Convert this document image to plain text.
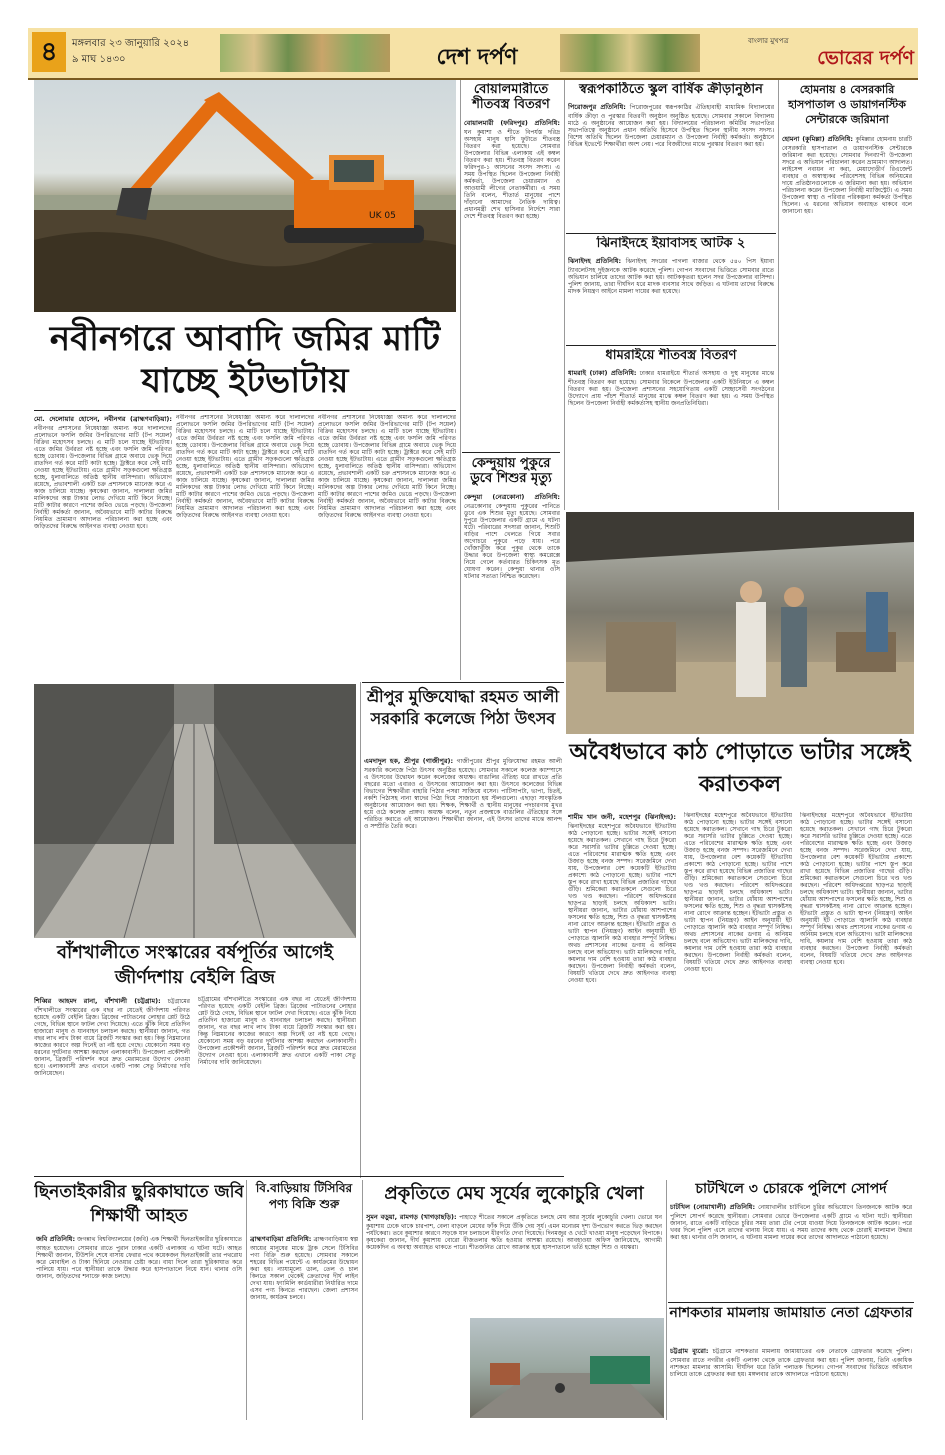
৪	মঙ্গলবার ২৩ জানুয়ারি ২০২৪
৯ মাঘ ১৪৩০	দেশ দর্পণ
বাংলার মুখপত্র
ভোরের দর্পণ
UK 05
নবীনগরে আবাদি জমির মাটি যাচ্ছে ইটভাটায়
মো. দেলোয়ার হোসেন, নবীনগর (ব্রাহ্মণবাড়িয়া): নবীনগর প্রশাসনের নিষেধাজ্ঞা অমান্য করে দালালদের প্রলোভনে ফসলি জমির উপরিভাগের মাটি (টপ সয়েল) বিক্রির মহোৎসব চলছে। এ মাটি চলে যাচ্ছে ইটভাটায়। এতে জমির উর্বরতা নষ্ট হচ্ছে এবং ফসলি জমি পরিণত হচ্ছে ডোবায়। উপজেলার বিভিন্ন গ্রামে অবাধে ভেকু দিয়ে রাতদিন গর্ত করে মাটি কাটা হচ্ছে। ট্রাক্টরে করে সেই মাটি নেওয়া হচ্ছে ইটভাটায়। এতে গ্রামীণ সড়কগুলো ক্ষতিগ্রস্ত হচ্ছে, ধুলাবালিতে অতিষ্ঠ স্থানীয় বাসিন্দারা। অভিযোগ রয়েছে, প্রভাবশালী একটি চক্র প্রশাসনকে ম্যানেজ করে এ কাজ চালিয়ে যাচ্ছে। কৃষকেরা জানান, দালালরা জমির মালিকদের অল্প টাকার লোভ দেখিয়ে মাটি কিনে নিচ্ছে। মাটি কাটার কারণে পাশের জমিও ভেঙে পড়ছে। উপজেলা নির্বাহী কর্মকর্তা জানান, অবৈধভাবে মাটি কাটার বিরুদ্ধে নিয়মিত ভ্রাম্যমাণ আদালত পরিচালনা করা হচ্ছে এবং জড়িতদের বিরুদ্ধে আইনগত ব্যবস্থা নেওয়া হবে।
নবীনগর প্রশাসনের নিষেধাজ্ঞা অমান্য করে দালালদের প্রলোভনে ফসলি জমির উপরিভাগের মাটি (টপ সয়েল) বিক্রির মহোৎসব চলছে। এ মাটি চলে যাচ্ছে ইটভাটায়। এতে জমির উর্বরতা নষ্ট হচ্ছে এবং ফসলি জমি পরিণত হচ্ছে ডোবায়। উপজেলার বিভিন্ন গ্রামে অবাধে ভেকু দিয়ে রাতদিন গর্ত করে মাটি কাটা হচ্ছে। ট্রাক্টরে করে সেই মাটি নেওয়া হচ্ছে ইটভাটায়। এতে গ্রামীণ সড়কগুলো ক্ষতিগ্রস্ত হচ্ছে, ধুলাবালিতে অতিষ্ঠ স্থানীয় বাসিন্দারা। অভিযোগ রয়েছে, প্রভাবশালী একটি চক্র প্রশাসনকে ম্যানেজ করে এ কাজ চালিয়ে যাচ্ছে। কৃষকেরা জানান, দালালরা জমির মালিকদের অল্প টাকার লোভ দেখিয়ে মাটি কিনে নিচ্ছে। মাটি কাটার কারণে পাশের জমিও ভেঙে পড়ছে। উপজেলা নির্বাহী কর্মকর্তা জানান, অবৈধভাবে মাটি কাটার বিরুদ্ধে নিয়মিত ভ্রাম্যমাণ আদালত পরিচালনা করা হচ্ছে এবং জড়িতদের বিরুদ্ধে আইনগত ব্যবস্থা নেওয়া হবে।
নবীনগর প্রশাসনের নিষেধাজ্ঞা অমান্য করে দালালদের প্রলোভনে ফসলি জমির উপরিভাগের মাটি (টপ সয়েল) বিক্রির মহোৎসব চলছে। এ মাটি চলে যাচ্ছে ইটভাটায়। এতে জমির উর্বরতা নষ্ট হচ্ছে এবং ফসলি জমি পরিণত হচ্ছে ডোবায়। উপজেলার বিভিন্ন গ্রামে অবাধে ভেকু দিয়ে রাতদিন গর্ত করে মাটি কাটা হচ্ছে। ট্রাক্টরে করে সেই মাটি নেওয়া হচ্ছে ইটভাটায়। এতে গ্রামীণ সড়কগুলো ক্ষতিগ্রস্ত হচ্ছে, ধুলাবালিতে অতিষ্ঠ স্থানীয় বাসিন্দারা। অভিযোগ রয়েছে, প্রভাবশালী একটি চক্র প্রশাসনকে ম্যানেজ করে এ কাজ চালিয়ে যাচ্ছে। কৃষকেরা জানান, দালালরা জমির মালিকদের অল্প টাকার লোভ দেখিয়ে মাটি কিনে নিচ্ছে। মাটি কাটার কারণে পাশের জমিও ভেঙে পড়ছে। উপজেলা নির্বাহী কর্মকর্তা জানান, অবৈধভাবে মাটি কাটার বিরুদ্ধে নিয়মিত ভ্রাম্যমাণ আদালত পরিচালনা করা হচ্ছে এবং জড়িতদের বিরুদ্ধে আইনগত ব্যবস্থা নেওয়া হবে।
বোয়ালমারীতে শীতবস্ত্র বিতরণ
বোয়ালমারী (ফরিদপুর) প্রতিনিধি: ঘন কুয়াশা ও শীতে বিপর্যস্ত দরিদ্র অসহায় মানুষ হাসি ফুটাতে শীতবস্ত্র বিতরণ করা হয়েছে। সোমবার উপজেলার বিভিন্ন এলাকায় এই কম্বল বিতরণ করা হয়। শীতবস্ত্র বিতরণ করেন ফরিদপুর-১ আসনের সংসদ সদস্য। এ সময় উপস্থিত ছিলেন উপজেলা নির্বাহী কর্মকর্তা, উপজেলা চেয়ারম্যান ও আওয়ামী লীগের নেতাকর্মীরা। এ সময় তিনি বলেন, শীতার্ত মানুষের পাশে দাঁড়ানো আমাদের নৈতিক দায়িত্ব। প্রধানমন্ত্রী শেখ হাসিনার নির্দেশে সারা দেশে শীতবস্ত্র বিতরণ করা হচ্ছে।
কেন্দুয়ায় পুকুরে ডুবে শিশুর মৃত্যু
কেন্দুয়া (নেত্রকোনা) প্রতিনিধি: নেত্রকোনার কেন্দুয়ায় পুকুরের পানিতে ডুবে এক শিশুর মৃত্যু হয়েছে। সোমবার দুপুরে উপজেলার একটি গ্রামে এ ঘটনা ঘটে। পরিবারের সদস্যরা জানান, শিশুটি বাড়ির পাশে খেলতে গিয়ে সবার অগোচরে পুকুরে পড়ে যায়। পরে খোঁজাখুঁজি করে পুকুর থেকে তাকে উদ্ধার করে উপজেলা স্বাস্থ্য কমপ্লেক্সে নিয়ে গেলে কর্তব্যরত চিকিৎসক মৃত ঘোষণা করেন। কেন্দুয়া থানার ওসি ঘটনার সত্যতা নিশ্চিত করেছেন।
স্বরূপকাঠিতে স্কুল বার্ষিক ক্রীড়ানুষ্ঠান
পিরোজপুর প্রতিনিধি: পিরোজপুরের স্বরূপকাঠির ঐতিহ্যবাহী মাধ্যমিক বিদ্যালয়ের বার্ষিক ক্রীড়া ও পুরস্কার বিতরণী অনুষ্ঠান অনুষ্ঠিত হয়েছে। সোমবার সকালে বিদ্যালয় মাঠে এ অনুষ্ঠানের আয়োজন করা হয়। বিদ্যালয়ের পরিচালনা কমিটির সভাপতির সভাপতিত্বে অনুষ্ঠানে প্রধান অতিথি হিসেবে উপস্থিত ছিলেন স্থানীয় সংসদ সদস্য। বিশেষ অতিথি ছিলেন উপজেলা চেয়ারম্যান ও উপজেলা নির্বাহী কর্মকর্তা। অনুষ্ঠানে বিভিন্ন ইভেন্টে শিক্ষার্থীরা অংশ নেয়। পরে বিজয়ীদের মাঝে পুরস্কার বিতরণ করা হয়।
ঝিনাইদহে ইয়াবাসহ আটক ২
ঝিনাইদহ প্রতিনিধি: ঝিনাইদহ সদরের পাগলা বাজার থেকে ৫৪০ পিস ইয়াবা ট্যাবলেটসহ দুইজনকে আটক করেছে পুলিশ। গোপন সংবাদের ভিত্তিতে সোমবার রাতে অভিযান চালিয়ে তাদের আটক করা হয়। আটককৃতরা হলেন সদর উপজেলার বাসিন্দা। পুলিশ জানায়, তারা দীর্ঘদিন ধরে মাদক ব্যবসার সাথে জড়িত। এ ঘটনায় তাদের বিরুদ্ধে মাদক নিয়ন্ত্রণ আইনে মামলা দায়ের করা হয়েছে।
ধামরাইয়ে শীতবস্ত্র বিতরণ
ধামরাই (ঢাকা) প্রতিনিধি: ঢাকার ধামরাইয়ে শীতার্ত অসহায় ও দুস্থ মানুষের মাঝে শীতবস্ত্র বিতরণ করা হয়েছে। সোমবার বিকেলে উপজেলার একটি ইউনিয়নে এ কম্বল বিতরণ করা হয়। উপজেলা প্রশাসনের সহযোগিতায় একটি সেচ্ছাসেবী সংগঠনের উদ্যোগে প্রায় পাঁচশ শীতার্ত মানুষের মাঝে কম্বল বিতরণ করা হয়। এ সময় উপস্থিত ছিলেন উপজেলা নির্বাহী কর্মকর্তাসহ স্থানীয় জনপ্রতিনিধিরা।
হোমনায় ৪ বেসরকারি হাসপাতাল ও ডায়াগনস্টিক সেন্টারকে জরিমানা
হোমনা (কুমিল্লা) প্রতিনিধি: কুমিল্লার হোমনায় চারটি বেসরকারি হাসপাতাল ও ডায়াগনস্টিক সেন্টারকে জরিমানা করা হয়েছে। সোমবার দিনব্যাপী উপজেলা সদরে এ অভিযান পরিচালনা করেন ভ্রাম্যমাণ আদালত। লাইসেন্স নবায়ন না করা, মেয়াদোত্তীর্ণ রিএজেন্ট ব্যবহার ও অস্বাস্থ্যকর পরিবেশসহ বিভিন্ন অনিয়মের দায়ে প্রতিষ্ঠানগুলোকে এ জরিমানা করা হয়। অভিযান পরিচালনা করেন উপজেলা নির্বাহী ম্যাজিস্ট্রেট। এ সময় উপজেলা স্বাস্থ্য ও পরিবার পরিকল্পনা কর্মকর্তা উপস্থিত ছিলেন। এ ধরনের অভিযান অব্যাহত থাকবে বলে জানানো হয়।
অবৈধভাবে কাঠ পোড়াতে ভাটার সঙ্গেই করাতকল
শামীম খান জনী, মহেশপুর (ঝিনাইদহ): ঝিনাইদহের মহেশপুরে অবৈধভাবে ইটভাটায় কাঠ পোড়ানো হচ্ছে। ভাটার সঙ্গেই বসানো হয়েছে করাতকল। সেখানে গাছ চিরে টুকরো করে সরাসরি ভাটার চুল্লিতে দেওয়া হচ্ছে। এতে পরিবেশের মারাত্মক ক্ষতি হচ্ছে এবং উজাড় হচ্ছে বনজ সম্পদ। সরেজমিনে দেখা যায়, উপজেলার বেশ কয়েকটি ইটভাটায় প্রকাশ্যে কাঠ পোড়ানো হচ্ছে। ভাটার পাশে স্তূপ করে রাখা হয়েছে বিভিন্ন প্রজাতির গাছের গুঁড়ি। শ্রমিকেরা করাতকলে সেগুলো চিরে খণ্ড খণ্ড করছেন। পরিবেশ অধিদপ্তরের ছাড়পত্র ছাড়াই চলছে অধিকাংশ ভাটা। স্থানীয়রা জানান, ভাটার ধোঁয়ায় আশপাশের ফসলের ক্ষতি হচ্ছে, শিশু ও বৃদ্ধরা শ্বাসকষ্টসহ নানা রোগে আক্রান্ত হচ্ছেন। ইটভাটা প্রস্তুত ও ভাটা স্থাপন (নিয়ন্ত্রণ) আইন অনুযায়ী ইট পোড়াতে জ্বালানি কাঠ ব্যবহার সম্পূর্ণ নিষিদ্ধ। অথচ প্রশাসনের নাকের ডগায় এ অনিয়ম চলছে বলে অভিযোগ। ভাটা মালিকদের দাবি, কয়লার দাম বেশি হওয়ায় তারা কাঠ ব্যবহার করছেন। উপজেলা নির্বাহী কর্মকর্তা বলেন, বিষয়টি খতিয়ে দেখে দ্রুত আইনগত ব্যবস্থা নেওয়া হবে।
ঝিনাইদহের মহেশপুরে অবৈধভাবে ইটভাটায় কাঠ পোড়ানো হচ্ছে। ভাটার সঙ্গেই বসানো হয়েছে করাতকল। সেখানে গাছ চিরে টুকরো করে সরাসরি ভাটার চুল্লিতে দেওয়া হচ্ছে। এতে পরিবেশের মারাত্মক ক্ষতি হচ্ছে এবং উজাড় হচ্ছে বনজ সম্পদ। সরেজমিনে দেখা যায়, উপজেলার বেশ কয়েকটি ইটভাটায় প্রকাশ্যে কাঠ পোড়ানো হচ্ছে। ভাটার পাশে স্তূপ করে রাখা হয়েছে বিভিন্ন প্রজাতির গাছের গুঁড়ি। শ্রমিকেরা করাতকলে সেগুলো চিরে খণ্ড খণ্ড করছেন। পরিবেশ অধিদপ্তরের ছাড়পত্র ছাড়াই চলছে অধিকাংশ ভাটা। স্থানীয়রা জানান, ভাটার ধোঁয়ায় আশপাশের ফসলের ক্ষতি হচ্ছে, শিশু ও বৃদ্ধরা শ্বাসকষ্টসহ নানা রোগে আক্রান্ত হচ্ছেন। ইটভাটা প্রস্তুত ও ভাটা স্থাপন (নিয়ন্ত্রণ) আইন অনুযায়ী ইট পোড়াতে জ্বালানি কাঠ ব্যবহার সম্পূর্ণ নিষিদ্ধ। অথচ প্রশাসনের নাকের ডগায় এ অনিয়ম চলছে বলে অভিযোগ। ভাটা মালিকদের দাবি, কয়লার দাম বেশি হওয়ায় তারা কাঠ ব্যবহার করছেন। উপজেলা নির্বাহী কর্মকর্তা বলেন, বিষয়টি খতিয়ে দেখে দ্রুত আইনগত ব্যবস্থা নেওয়া হবে।
ঝিনাইদহের মহেশপুরে অবৈধভাবে ইটভাটায় কাঠ পোড়ানো হচ্ছে। ভাটার সঙ্গেই বসানো হয়েছে করাতকল। সেখানে গাছ চিরে টুকরো করে সরাসরি ভাটার চুল্লিতে দেওয়া হচ্ছে। এতে পরিবেশের মারাত্মক ক্ষতি হচ্ছে এবং উজাড় হচ্ছে বনজ সম্পদ। সরেজমিনে দেখা যায়, উপজেলার বেশ কয়েকটি ইটভাটায় প্রকাশ্যে কাঠ পোড়ানো হচ্ছে। ভাটার পাশে স্তূপ করে রাখা হয়েছে বিভিন্ন প্রজাতির গাছের গুঁড়ি। শ্রমিকেরা করাতকলে সেগুলো চিরে খণ্ড খণ্ড করছেন। পরিবেশ অধিদপ্তরের ছাড়পত্র ছাড়াই চলছে অধিকাংশ ভাটা। স্থানীয়রা জানান, ভাটার ধোঁয়ায় আশপাশের ফসলের ক্ষতি হচ্ছে, শিশু ও বৃদ্ধরা শ্বাসকষ্টসহ নানা রোগে আক্রান্ত হচ্ছেন। ইটভাটা প্রস্তুত ও ভাটা স্থাপন (নিয়ন্ত্রণ) আইন অনুযায়ী ইট পোড়াতে জ্বালানি কাঠ ব্যবহার সম্পূর্ণ নিষিদ্ধ। অথচ প্রশাসনের নাকের ডগায় এ অনিয়ম চলছে বলে অভিযোগ। ভাটা মালিকদের দাবি, কয়লার দাম বেশি হওয়ায় তারা কাঠ ব্যবহার করছেন। উপজেলা নির্বাহী কর্মকর্তা বলেন, বিষয়টি খতিয়ে দেখে দ্রুত আইনগত ব্যবস্থা নেওয়া হবে।
শ্রীপুর মুক্তিযোদ্ধা রহমত আলী সরকারি কলেজে পিঠা উৎসব
এমদাদুল হক, শ্রীপুর (গাজীপুর): গাজীপুরের শ্রীপুর মুক্তিযোদ্ধা রহমত আলী সরকারি কলেজে পিঠা উৎসব অনুষ্ঠিত হয়েছে। সোমবার সকালে কলেজ ক্যাম্পাসে এ উৎসবের উদ্বোধন করেন কলেজের অধ্যক্ষ। বাঙালির ঐতিহ্য ধরে রাখতে প্রতি বছরের মতো এবারও এ উৎসবের আয়োজন করা হয়। উৎসবে কলেজের বিভিন্ন বিভাগের শিক্ষার্থীরা বাহারি পিঠার পসরা সাজিয়ে বসেন। পাটিসাপটা, ভাপা, চিতই, নকশি পিঠাসহ নানা স্বাদের পিঠা দিয়ে সাজানো হয় স্টলগুলো। এছাড়া সাংস্কৃতিক অনুষ্ঠানের আয়োজন করা হয়। শিক্ষক, শিক্ষার্থী ও স্থানীয় মানুষের পদচারণায় মুখর হয়ে ওঠে কলেজ প্রাঙ্গণ। অধ্যক্ষ বলেন, নতুন প্রজন্মকে বাঙালির ঐতিহ্যের সঙ্গে পরিচিত করাতে এই আয়োজন। শিক্ষার্থীরা জানান, এই উৎসব তাদের মাঝে আনন্দ ও সম্প্রীতি তৈরি করে।
বাঁশখালীতে সংস্কারের বর্ষপূর্তির আগেই জীর্ণদশায় বেইলি ব্রিজ
শিব্বির আহমদ রানা, বাঁশখালী (চট্টগ্রাম): চট্টগ্রামের বাঁশখালীতে সংস্কারের এক বছর না যেতেই জীর্ণদশায় পরিণত হয়েছে একটি বেইলি ব্রিজ। ব্রিজের পাটাতনের লোহার প্লেট উঠে গেছে, বিভিন্ন স্থানে ফাটল দেখা দিয়েছে। এতে ঝুঁকি নিয়ে প্রতিদিন হাজারো মানুষ ও যানবাহন চলাচল করছে। স্থানীয়রা জানান, গত বছর লাখ লাখ টাকা ব্যয়ে ব্রিজটি সংস্কার করা হয়। কিন্তু নিম্নমানের কাজের কারণে অল্প দিনেই তা নষ্ট হয়ে গেছে। যেকোনো সময় বড় ধরনের দুর্ঘটনার আশঙ্কা করছেন এলাকাবাসী। উপজেলা প্রকৌশলী জানান, ব্রিজটি পরিদর্শন করে দ্রুত মেরামতের উদ্যোগ নেওয়া হবে। এলাকাবাসী দ্রুত এখানে একটি পাকা সেতু নির্মাণের দাবি জানিয়েছেন।
চট্টগ্রামের বাঁশখালীতে সংস্কারের এক বছর না যেতেই জীর্ণদশায় পরিণত হয়েছে একটি বেইলি ব্রিজ। ব্রিজের পাটাতনের লোহার প্লেট উঠে গেছে, বিভিন্ন স্থানে ফাটল দেখা দিয়েছে। এতে ঝুঁকি নিয়ে প্রতিদিন হাজারো মানুষ ও যানবাহন চলাচল করছে। স্থানীয়রা জানান, গত বছর লাখ লাখ টাকা ব্যয়ে ব্রিজটি সংস্কার করা হয়। কিন্তু নিম্নমানের কাজের কারণে অল্প দিনেই তা নষ্ট হয়ে গেছে। যেকোনো সময় বড় ধরনের দুর্ঘটনার আশঙ্কা করছেন এলাকাবাসী। উপজেলা প্রকৌশলী জানান, ব্রিজটি পরিদর্শন করে দ্রুত মেরামতের উদ্যোগ নেওয়া হবে। এলাকাবাসী দ্রুত এখানে একটি পাকা সেতু নির্মাণের দাবি জানিয়েছেন।
ছিনতাইকারীর ছুরিকাঘাতে জবি শিক্ষার্থী আহত
জবি প্রতিনিধি: জগন্নাথ বিশ্ববিদ্যালয়ের (জবি) এক শিক্ষার্থী ছিনতাইকারীর ছুরিকাঘাতে আহত হয়েছেন। সোমবার রাতে পুরান ঢাকার একটি এলাকায় এ ঘটনা ঘটে। আহত শিক্ষার্থী জানান, টিউশনি শেষে বাসায় ফেরার পথে কয়েকজন ছিনতাইকারী তার পথরোধ করে মোবাইল ও টাকা ছিনিয়ে নেওয়ার চেষ্টা করে। বাধা দিলে তারা ছুরিকাঘাত করে পালিয়ে যায়। পরে স্থানীয়রা তাকে উদ্ধার করে হাসপাতালে নিয়ে যান। থানার ওসি জানান, জড়িতদের শনাক্তে কাজ চলছে।
বি.বাড়িয়ায় টিসিবির পণ্য বিক্রি শুরু
ব্রাহ্মণবাড়িয়া প্রতিনিধি: ব্রাহ্মণবাড়িয়ায় স্বল্প আয়ের মানুষের মাঝে ট্রাক সেলে টিসিবির পণ্য বিক্রি শুরু হয়েছে। সোমবার সকালে শহরের বিভিন্ন পয়েন্টে এ কার্যক্রমের উদ্বোধন করা হয়। ন্যায্যমূল্যে ডাল, তেল ও চাল কিনতে সকাল থেকেই ক্রেতাদের দীর্ঘ লাইন দেখা যায়। ফ্যামিলি কার্ডধারীরা নির্ধারিত দামে এসব পণ্য কিনতে পারছেন। জেলা প্রশাসন জানায়, কার্যক্রম চলবে।
প্রকৃতিতে মেঘ সূর্যের লুকোচুরি খেলা
সুমন বড়ুয়া, রামগড় (খাগড়াছড়ি): পাহাড়ে শীতের সকালে প্রকৃতিতে চলছে মেঘ আর সূর্যের লুকোচুরি খেলা। ভোরে ঘন কুয়াশায় ঢেকে থাকে চারপাশ, বেলা বাড়লে মেঘের ফাঁক দিয়ে উঁকি দেয় সূর্য। এমন মনোরম দৃশ্য উপভোগ করতে ভিড় করছেন পর্যটকেরা। তবে কুয়াশার কারণে সড়কে যান চলাচলে ধীরগতি দেখা দিয়েছে। দিনমজুর ও খেটে খাওয়া মানুষ পড়েছেন বিপাকে। কৃষকেরা জানান, দীর্ঘ কুয়াশায় বোরো বীজতলার ক্ষতি হওয়ার আশঙ্কা রয়েছে। আবহাওয়া অফিস জানিয়েছে, আগামী কয়েকদিন এ অবস্থা অব্যাহত থাকতে পারে। শীতজনিত রোগে আক্রান্ত হয়ে হাসপাতালে ভর্তি হচ্ছেন শিশু ও বয়স্করা।
চাটখিলে ৩ চোরকে পুলিশে সোপর্দ
চাটখিল (নোয়াখালী) প্রতিনিধি: নোয়াখালীর চাটখিলে চুরির অভিযোগে তিনজনকে আটক করে পুলিশে সোপর্দ করেছে স্থানীয়রা। সোমবার ভোরে উপজেলার একটি গ্রামে এ ঘটনা ঘটে। স্থানীয়রা জানান, রাতে একটি বাড়িতে চুরির সময় তারা টের পেয়ে ধাওয়া দিয়ে তিনজনকে আটক করেন। পরে খবর দিলে পুলিশ এসে তাদের থানায় নিয়ে যায়। এ সময় তাদের কাছ থেকে চোরাই মালামাল উদ্ধার করা হয়। থানার ওসি জানান, এ ঘটনায় মামলা দায়ের করে তাদের আদালতে পাঠানো হয়েছে।
নাশকতার মামলায় জামায়াত নেতা গ্রেফতার
চট্টগ্রাম ব্যুরো: চট্টগ্রামে নাশকতার মামলায় জামায়াতের এক নেতাকে গ্রেফতার করেছে পুলিশ। সোমবার রাতে নগরীর একটি এলাকা থেকে তাকে গ্রেফতার করা হয়। পুলিশ জানায়, তিনি একাধিক নাশকতা মামলার আসামি। দীর্ঘদিন ধরে তিনি পলাতক ছিলেন। গোপন সংবাদের ভিত্তিতে অভিযান চালিয়ে তাকে গ্রেফতার করা হয়। মঙ্গলবার তাকে আদালতে পাঠানো হয়েছে।
